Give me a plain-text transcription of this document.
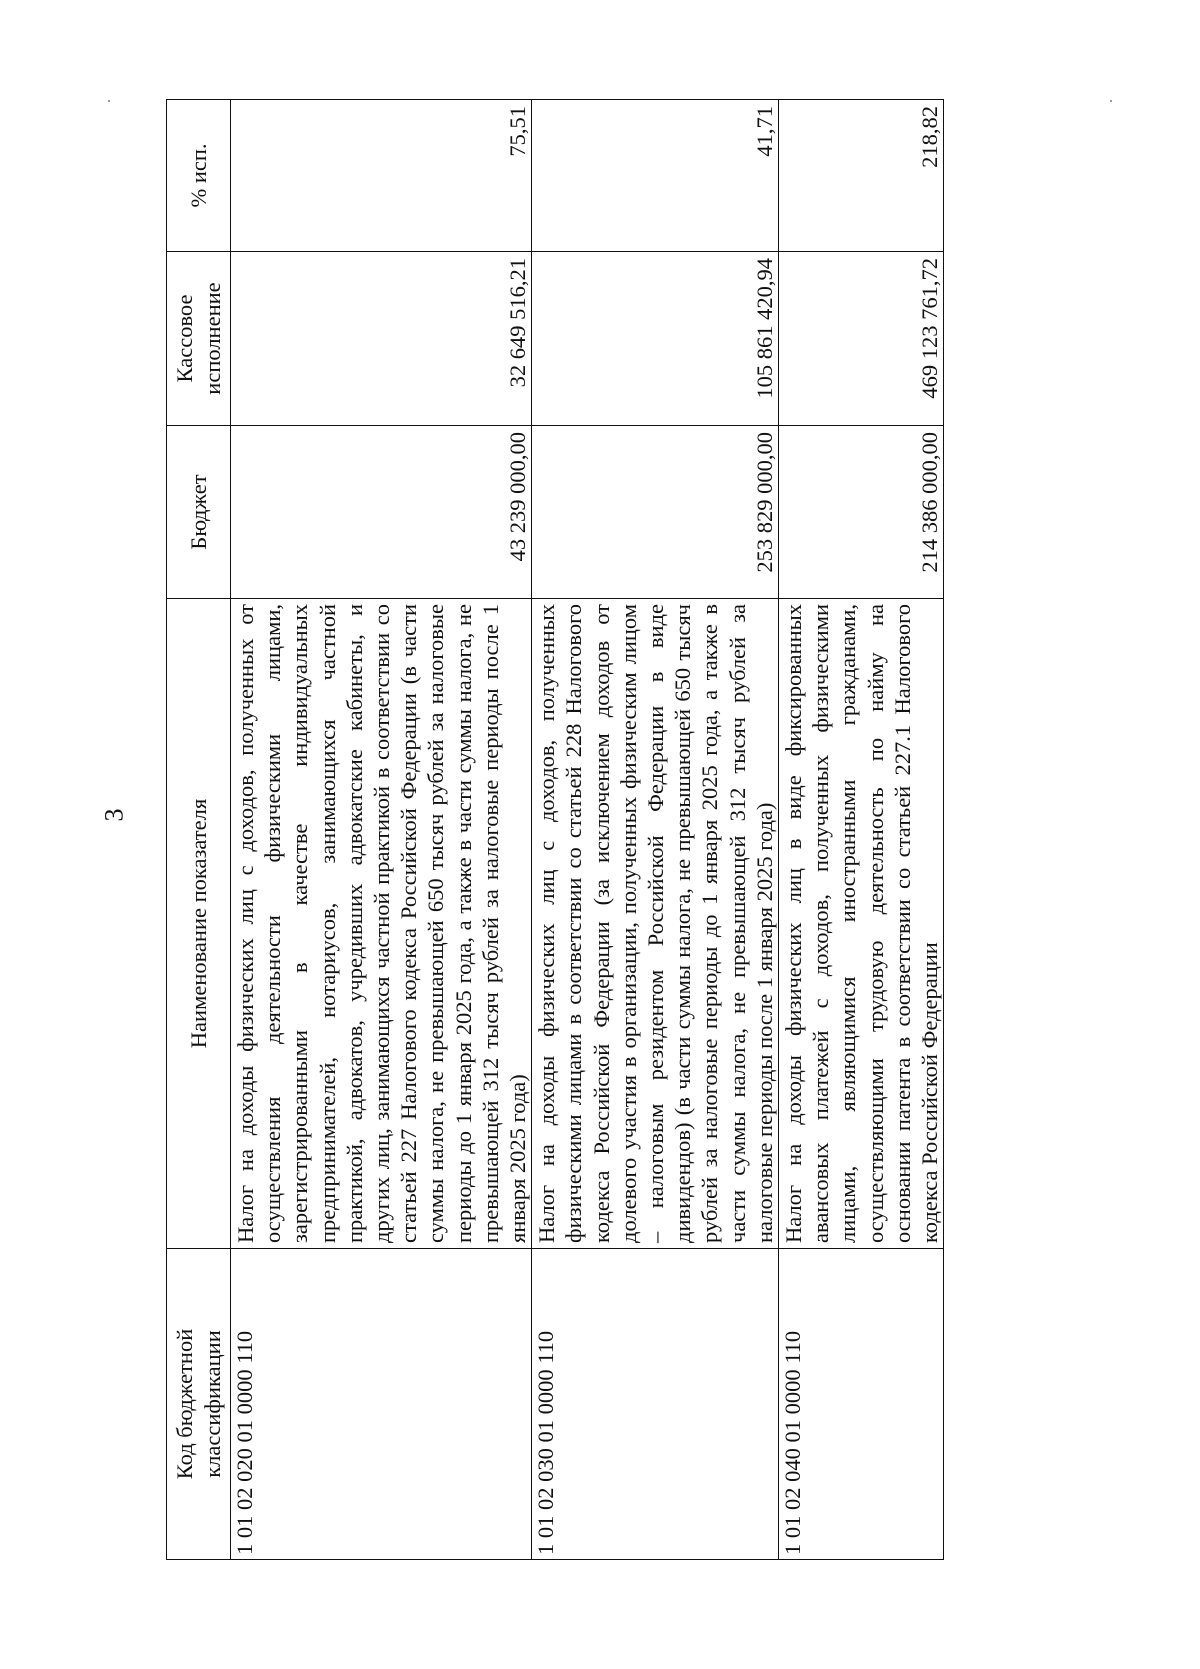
3
Код бюджетной классификации	Наименование показателя	Бюджет	Кассовое исполнение	% исп.
1 01 02 020 01 0000 110	Налог на доходы физических лиц с доходов, полученных от осуществления деятельности физическими лицами, зарегистрированными в качестве индивидуальных предпринимателей, нотариусов, занимающихся частной практикой, адвокатов, учредивших адвокатские кабинеты, и других лиц, занимающихся частной практикой в соответствии со статьей 227 Налогового кодекса Российской Федерации (в части суммы налога, не превышающей 650 тысяч рублей за налоговые периоды до 1 января 2025 года, а также в части суммы налога, не превышающей 312 тысяч рублей за налоговые периоды после 1 января 2025 года)	43 239 000,00	32 649 516,21	75,51
1 01 02 030 01 0000 110	Налог на доходы физических лиц с доходов, полученных физическими лицами в соответствии со статьей 228 Налогового кодекса Российской Федерации (за исключением доходов от долевого участия в организации, полученных физическим лицом – налоговым резидентом Российской Федерации в виде дивидендов) (в части суммы налога, не превышающей 650 тысяч рублей за налоговые периоды до 1 января 2025 года, а также в части суммы налога, не превышающей 312 тысяч рублей за налоговые периоды после 1 января 2025 года)	253 829 000,00	105 861 420,94	41,71
1 01 02 040 01 0000 110	Налог на доходы физических лиц в виде фиксированных авансовых платежей с доходов, полученных физическими лицами, являющимися иностранными гражданами, осуществляющими трудовую деятельность по найму на основании патента в соответствии со статьей 227.1 Налогового кодекса Российской Федерации	214 386 000,00	469 123 761,72	218,82
